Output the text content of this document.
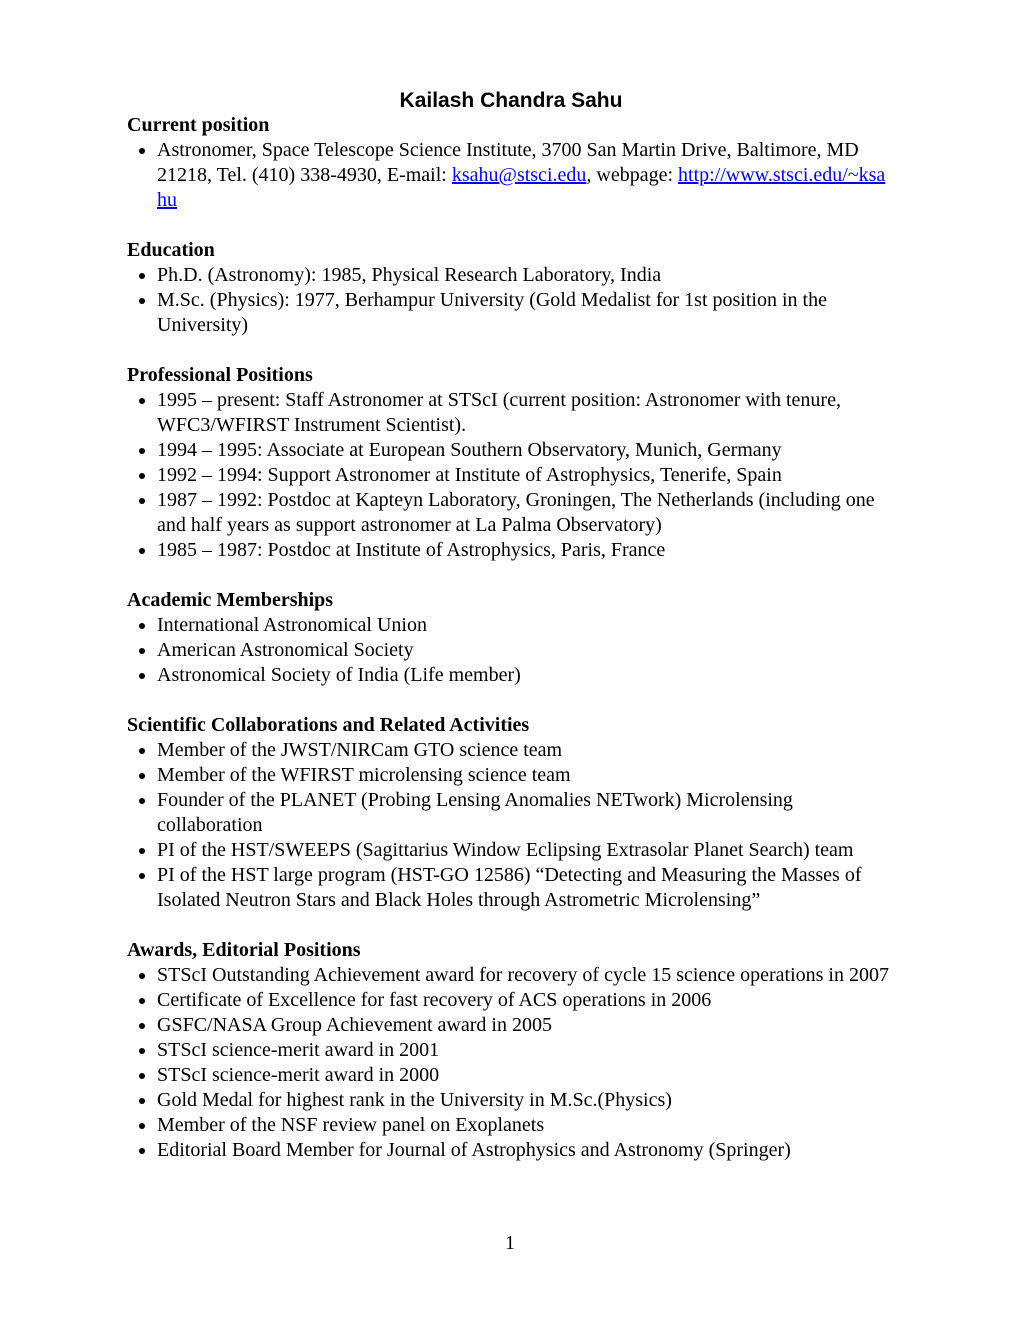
Kailash Chandra Sahu
Current position
• Astronomer, Space Telescope Science Institute, 3700 San Martin Drive, Baltimore, MD 21218, Tel. (410) 338-4930, E-mail: ksahu@stsci.edu, webpage: http://www.stsci.edu/~ksahu
Education
• Ph.D. (Astronomy): 1985, Physical Research Laboratory, India
• M.Sc. (Physics): 1977, Berhampur University (Gold Medalist for 1st position in the University)
Professional Positions
• 1995 – present: Staff Astronomer at STScI (current position: Astronomer with tenure, WFC3/WFIRST Instrument Scientist).
• 1994 – 1995: Associate at European Southern Observatory, Munich, Germany
• 1992 – 1994: Support Astronomer at Institute of Astrophysics, Tenerife, Spain
• 1987 – 1992: Postdoc at Kapteyn Laboratory, Groningen, The Netherlands (including one and half years as support astronomer at La Palma Observatory)
• 1985 – 1987: Postdoc at Institute of Astrophysics, Paris, France
Academic Memberships
• International Astronomical Union
• American Astronomical Society
• Astronomical Society of India (Life member)
Scientific Collaborations and Related Activities
• Member of the JWST/NIRCam GTO science team
• Member of the WFIRST microlensing science team
• Founder of the PLANET (Probing Lensing Anomalies NETwork) Microlensing collaboration
• PI of the HST/SWEEPS (Sagittarius Window Eclipsing Extrasolar Planet Search) team
• PI of the HST large program (HST-GO 12586) “Detecting and Measuring the Masses of Isolated Neutron Stars and Black Holes through Astrometric Microlensing”
Awards, Editorial Positions
• STScI Outstanding Achievement award for recovery of cycle 15 science operations in 2007
• Certificate of Excellence for fast recovery of ACS operations in 2006
• GSFC/NASA Group Achievement award in 2005
• STScI science-merit award in 2001
• STScI science-merit award in 2000
• Gold Medal for highest rank in the University in M.Sc.(Physics)
• Member of the NSF review panel on Exoplanets
• Editorial Board Member for Journal of Astrophysics and Astronomy (Springer)
1
